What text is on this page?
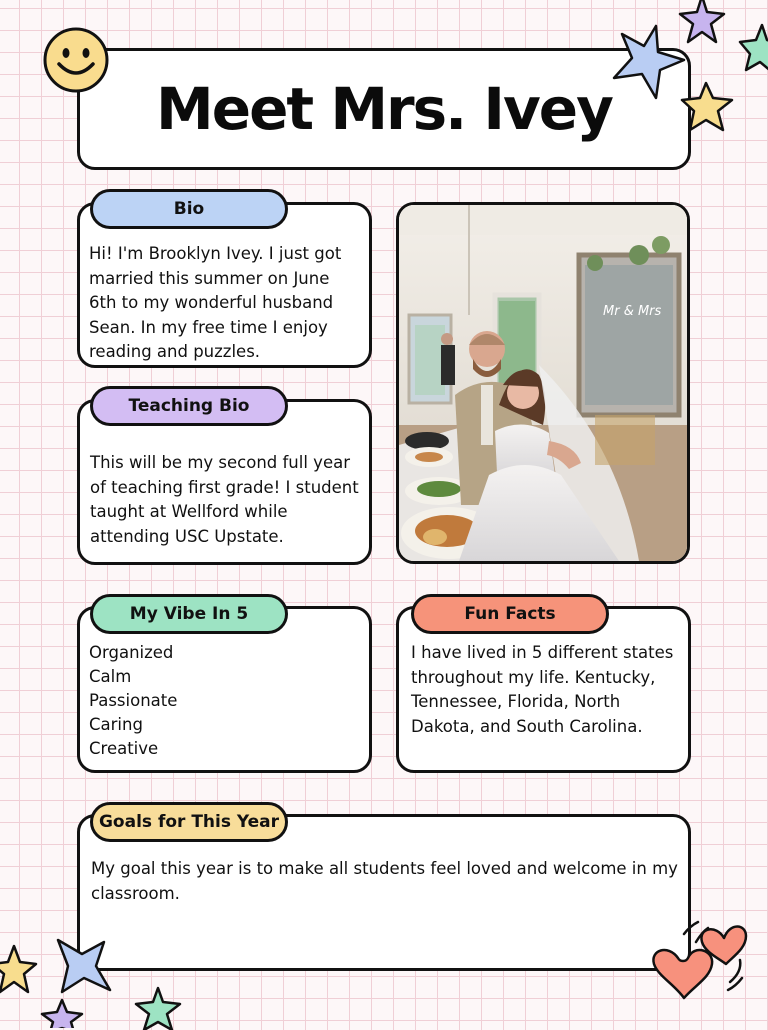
Meet Mrs. Ivey
Bio
Hi! I'm Brooklyn Ivey. I just got married this summer on June 6th to my wonderful husband Sean. In my free time I enjoy reading and puzzles.
Teaching Bio
This will be my second full year of teaching first grade! I student taught at Wellford while attending USC Upstate.
Mr & Mrs
My Vibe In 5
Organized
Calm
Passionate
Caring
Creative
Fun Facts
I have lived in 5 different states throughout my life. Kentucky, Tennessee, Florida, North Dakota, and South Carolina.
Goals for This Year
My goal this year is to make all students feel loved and welcome in my classroom.
